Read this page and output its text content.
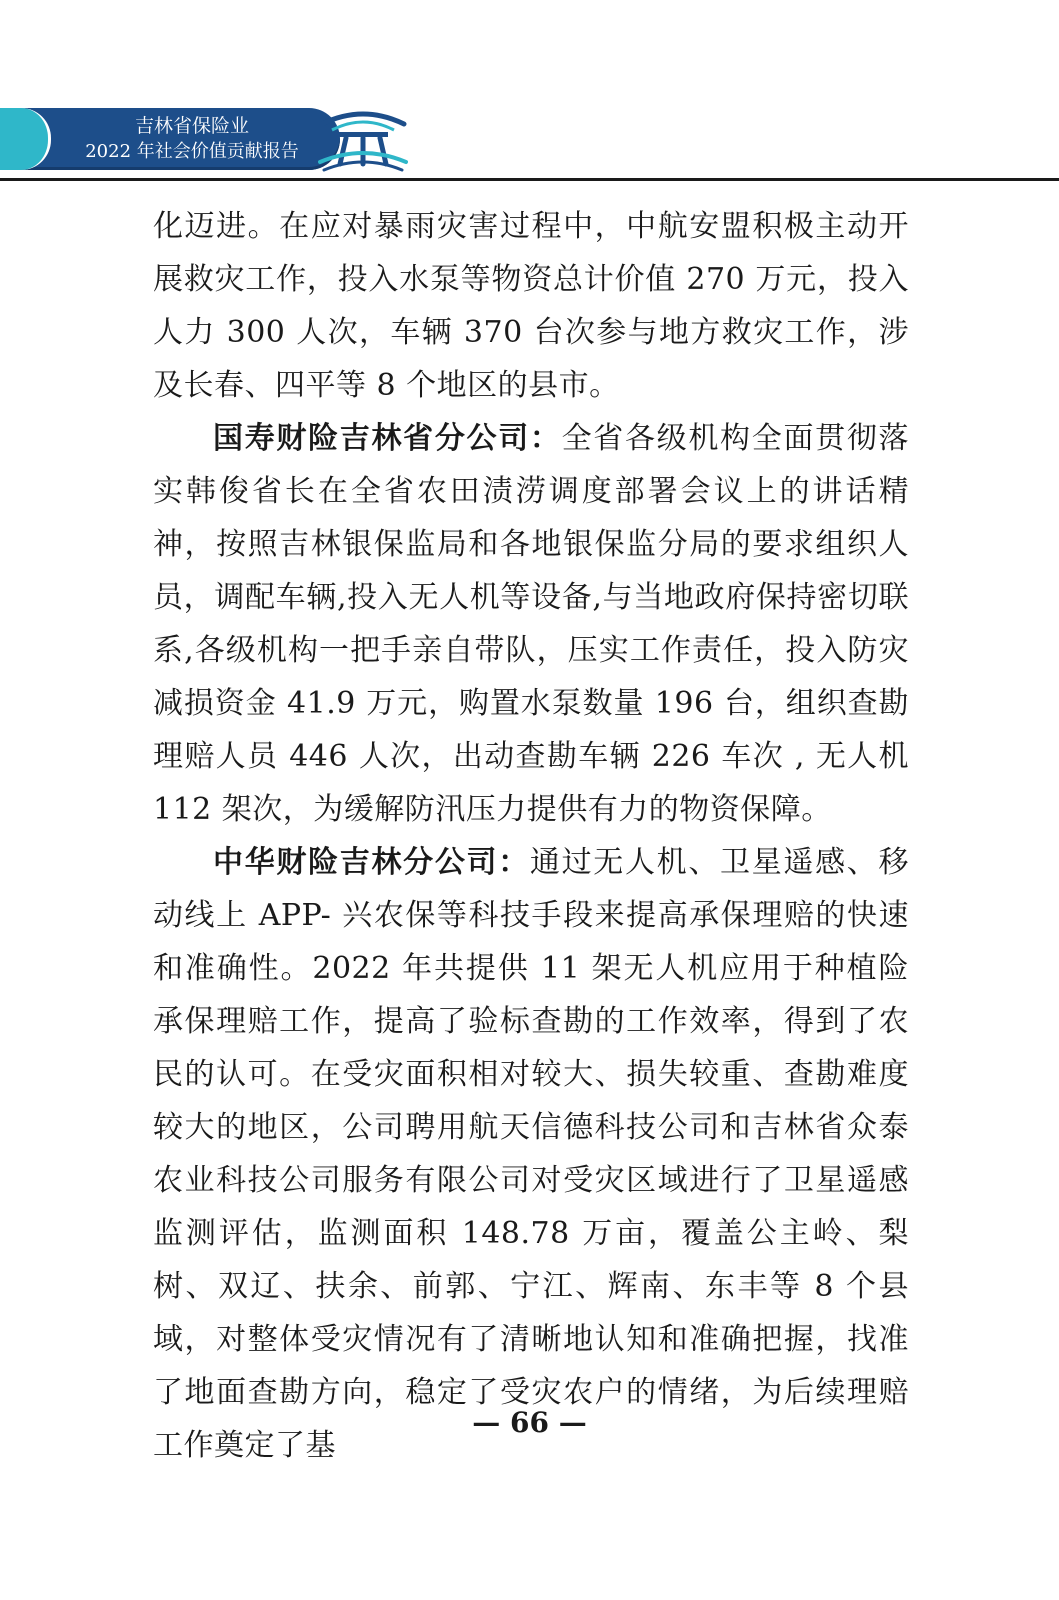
吉林省保险业
2022 年社会价值贡献报告

化迈进。在应对暴雨灾害过程中，中航安盟积极主动开展救灾工作，投入水泵等物资总计价值 270 万元，投入人力 300 人次，车辆 370 台次参与地方救灾工作，涉及长春、四平等 8 个地区的县市。

国寿财险吉林省分公司：全省各级机构全面贯彻落实韩俊省长在全省农田渍涝调度部署会议上的讲话精神，按照吉林银保监局和各地银保监分局的要求组织人员，调配车辆,投入无人机等设备,与当地政府保持密切联系,各级机构一把手亲自带队，压实工作责任，投入防灾减损资金 41.9 万元，购置水泵数量 196 台，组织查勘理赔人员 446 人次，出动查勘车辆 226 车次 , 无人机 112 架次，为缓解防汛压力提供有力的物资保障。

中华财险吉林分公司：通过无人机、卫星遥感、移动线上 APP- 兴农保等科技手段来提高承保理赔的快速和准确性。2022 年共提供 11 架无人机应用于种植险承保理赔工作，提高了验标查勘的工作效率，得到了农民的认可。在受灾面积相对较大、损失较重、查勘难度较大的地区，公司聘用航天信德科技公司和吉林省众泰农业科技公司服务有限公司对受灾区域进行了卫星遥感监测评估，监测面积 148.78 万亩，覆盖公主岭、梨树、双辽、扶余、前郭、宁江、辉南、东丰等 8 个县域，对整体受灾情况有了清晰地认知和准确把握，找准了地面查勘方向，稳定了受灾农户的情绪，为后续理赔工作奠定了基

— 66 —
